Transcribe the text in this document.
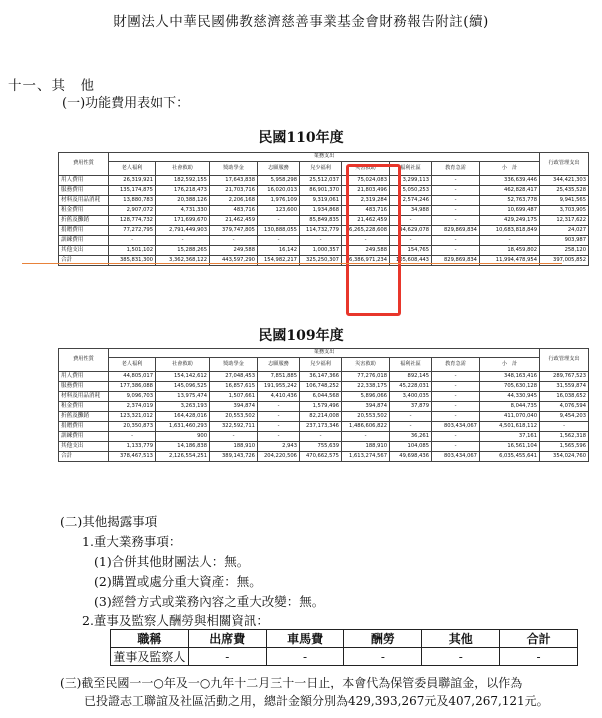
財團法人中華民國佛教慈濟慈善事業基金會財務報告附註(續)
十一、其　他
(一)功能費用表如下：
民國110年度
費用性質	業務支出									行政管理支出
	老人福利	社會救助	獎助學金	志願服務	兒少福利	災害救助	福利社區	教育急需	小　計	
用人費用	26,319,921	182,592,155	17,643,838	5,958,298	25,512,037	75,024,083	3,299,113	-	336,639,446	344,421,303
服務費用	135,174,875	176,218,473	21,703,716	16,020,013	86,901,370	21,803,496	5,050,253	-	462,828,417	25,435,528
材料及用品消耗	13,880,783	20,388,126	2,206,168	1,976,109	9,319,061	2,319,284	2,574,246	-	52,763,778	9,941,565
租金費用	2,907,072	4,731,330	483,716	123,600	1,934,868	483,716	34,988	-	10,699,487	3,703,905
折舊及攤銷	128,774,732	171,699,670	21,462,459	-	85,849,835	21,462,459	-	-	429,249,175	12,317,622
捐贈費用	77,272,795	2,791,449,903	379,747,805	130,888,055	114,732,779	6,265,228,608	94,629,078	829,869,834	10,683,818,849	24,027
訓練費用	-	-	-	-	-	-	-	-	-	903,987
其他支出	1,501,102	15,288,265	249,588	16,142	1,000,357	249,588	154,765	-	18,459,802	258,120
合計	385,831,300	3,362,368,122	443,597,290	154,982,217	325,250,307	6,386,971,234	105,608,443	829,869,834	11,994,478,954	397,005,852
民國109年度
費用性質	業務支出									行政管理支出
	老人福利	社會救助	獎助學金	志願服務	兒少福利	災害救助	福利社區	教育急需	小　計	
用人費用	44,805,017	154,142,612	27,048,453	7,851,885	36,147,366	77,276,018	892,145	-	348,163,416	289,767,523
服務費用	177,386,088	145,096,525	16,857,615	191,955,242	106,748,252	22,338,175	45,228,031	-	705,630,128	31,559,874
材料及用品消耗	9,096,703	13,975,474	1,507,661	4,410,436	6,044,568	5,896,066	3,400,035	-	44,330,945	16,038,652
租金費用	2,374,019	3,263,193	394,874	-	1,579,496	394,874	37,879	-	8,044,735	4,076,594
折舊及攤銷	123,321,012	164,428,016	20,553,502	-	82,214,008	20,553,502	-	-	411,070,040	9,454,203
捐贈費用	20,350,873	1,631,460,293	322,592,711	-	237,173,346	1,486,606,822	-	803,434,067	4,501,618,112	-
訓練費用	-	900	-	-	-	-	36,261	-	37,161	1,562,318
其他支出	1,133,779	14,186,838	188,910	2,943	755,639	188,910	104,085	-	16,561,104	1,565,596
合計	378,467,513	2,126,554,251	389,143,726	204,220,506	470,662,575	1,613,274,567	49,698,436	803,434,067	6,035,455,641	354,024,760
(二)其他揭露事項
1.重大業務事項：
(1)合併其他財團法人：無。
(2)購置或處分重大資產：無。
(3)經營方式或業務內容之重大改變：無。
2.董事及監察人酬勞與相關資訊：
職稱	出席費	車馬費	酬勞	其他	合計
董事及監察人	-	-	-	-	-
(三)截至民國一一○年及一○九年十二月三十一日止，本會代為保管委員聯誼金，以作為
已投證志工聯誼及社區活動之用，總計金額分別為429,393,267元及407,267,121元。
